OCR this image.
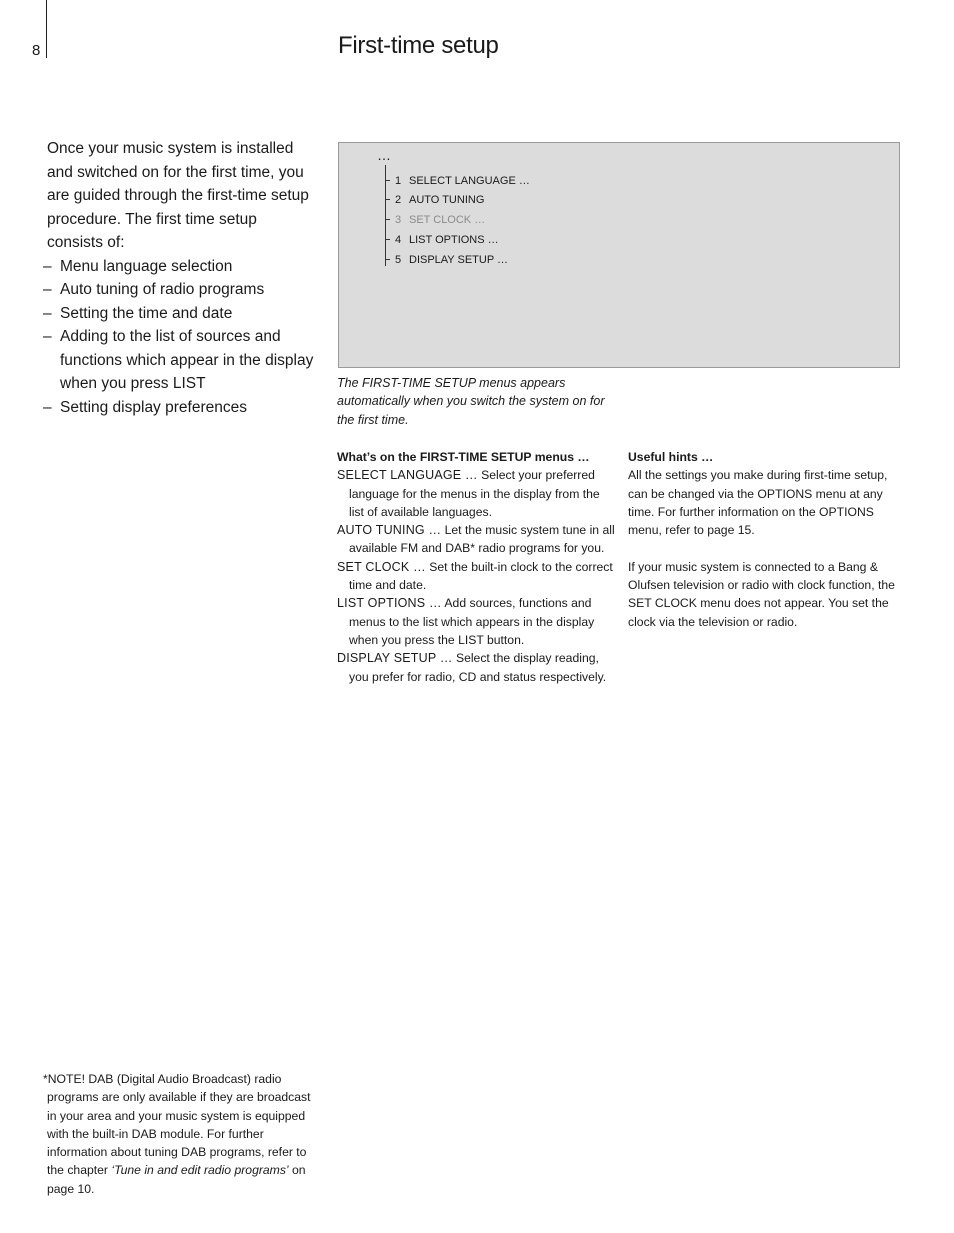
8	First-time setup

Once your music system is installed and switched on for the first time, you are guided through the first-time setup procedure. The first time setup consists of:

– Menu language selection
– Auto tuning of radio programs
– Setting the time and date
– Adding to the list of sources and functions which appear in the display when you press LIST
– Setting display preferences
…
1 SELECT LANGUAGE …
2 AUTO TUNING
3 SET CLOCK …
4 LIST OPTIONS …
5 DISPLAY SETUP …

The FIRST-TIME SETUP menus appears automatically when you switch the system on for the first time.

What’s on the FIRST-TIME SETUP menus …

SELECT LANGUAGE … Select your preferred language for the menus in the display from the list of available languages.

AUTO TUNING … Let the music system tune in all available FM and DAB* radio programs for you.

SET CLOCK … Set the built-in clock to the correct time and date.

LIST OPTIONS … Add sources, functions and menus to the list which appears in the display when you press the LIST button.

DISPLAY SETUP … Select the display reading, you prefer for radio, CD and status respectively.

Useful hints …

All the settings you make during first-time setup, can be changed via the OPTIONS menu at any time. For further information on the OPTIONS menu, refer to page 15.

If your music system is connected to a Bang & Olufsen television or radio with clock function, the SET CLOCK menu does not appear. You set the clock via the television or radio.

*NOTE! DAB (Digital Audio Broadcast) radio programs are only available if they are broadcast in your area and your music system is equipped with the built-in DAB module. For further information about tuning DAB programs, refer to the chapter ‘Tune in and edit radio programs’ on page 10.
